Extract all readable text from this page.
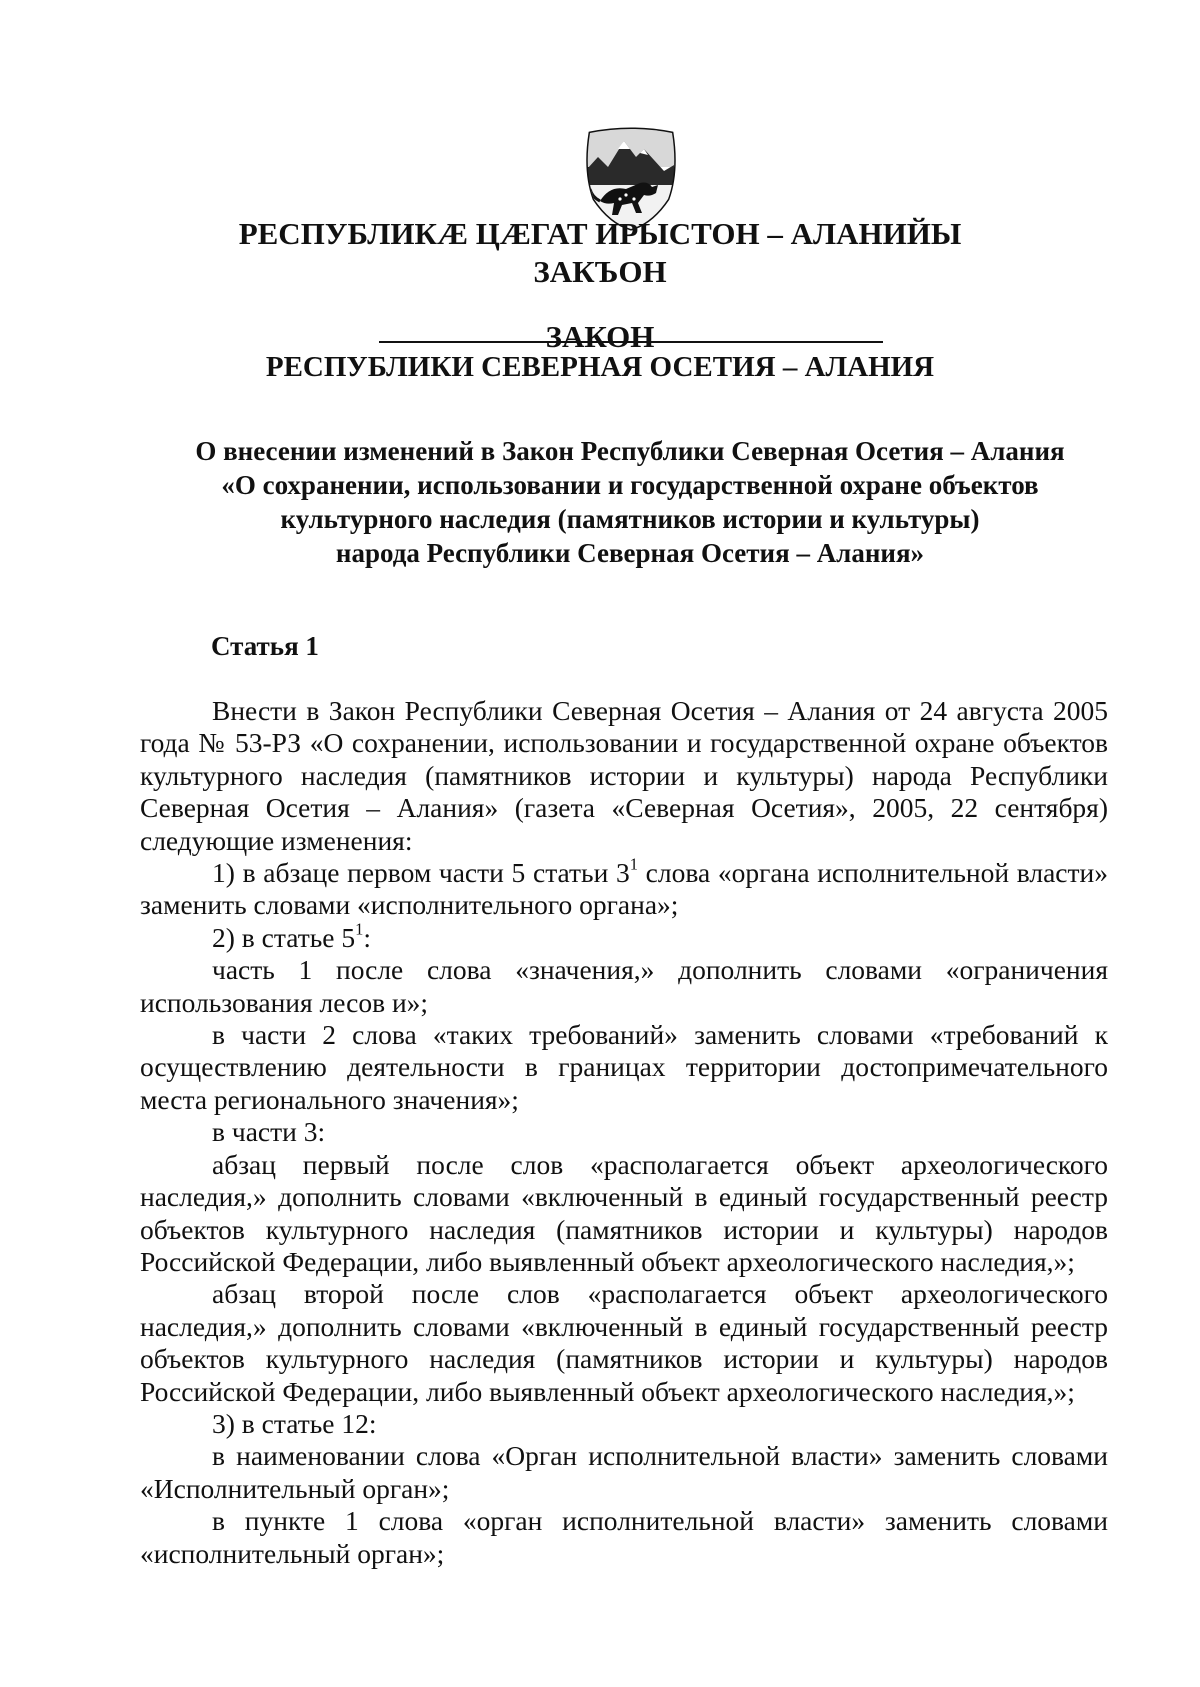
РЕСПУБЛИКӔ ЦӔГАТ ИРЫСТОН – АЛАНИЙЫ
ЗАКЪОН
ЗАКОН
РЕСПУБЛИКИ СЕВЕРНАЯ ОСЕТИЯ – АЛАНИЯ
О внесении изменений в Закон Республики Северная Осетия – Алания
«О сохранении, использовании и государственной охране объектов
культурного наследия (памятников истории и культуры)
народа Республики Северная Осетия – Алания»
Статья 1

Внести в Закон Республики Северная Осетия – Алания от 24 августа 2005 года № 53-РЗ «О сохранении, использовании и государственной охране объектов культурного наследия (памятников истории и культуры) народа Республики Северная Осетия – Алания» (газета «Северная Осетия», 2005, 22 сентября) следующие изменения:

1) в абзаце первом части 5 статьи $3^1$ слова «органа исполнительной власти» заменить словами «исполнительного органа»;

2) в статье $5^1$:

часть 1 после слова «значения,» дополнить словами «ограничения использования лесов и»;

в части 2 слова «таких требований» заменить словами «требований к осуществлению деятельности в границах территории достопримечательного места регионального значения»;

в части 3:

абзац первый после слов «располагается объект археологического наследия,» дополнить словами «включенный в единый государственный реестр объектов культурного наследия (памятников истории и культуры) народов Российской Федерации, либо выявленный объект археологического наследия,»;

абзац второй после слов «располагается объект археологического наследия,» дополнить словами «включенный в единый государственный реестр объектов культурного наследия (памятников истории и культуры) народов Российской Федерации, либо выявленный объект археологического наследия,»;

3) в статье 12:

в наименовании слова «Орган исполнительной власти» заменить словами «Исполнительный орган»;

в пункте 1 слова «орган исполнительной власти» заменить словами «исполнительный орган»;
